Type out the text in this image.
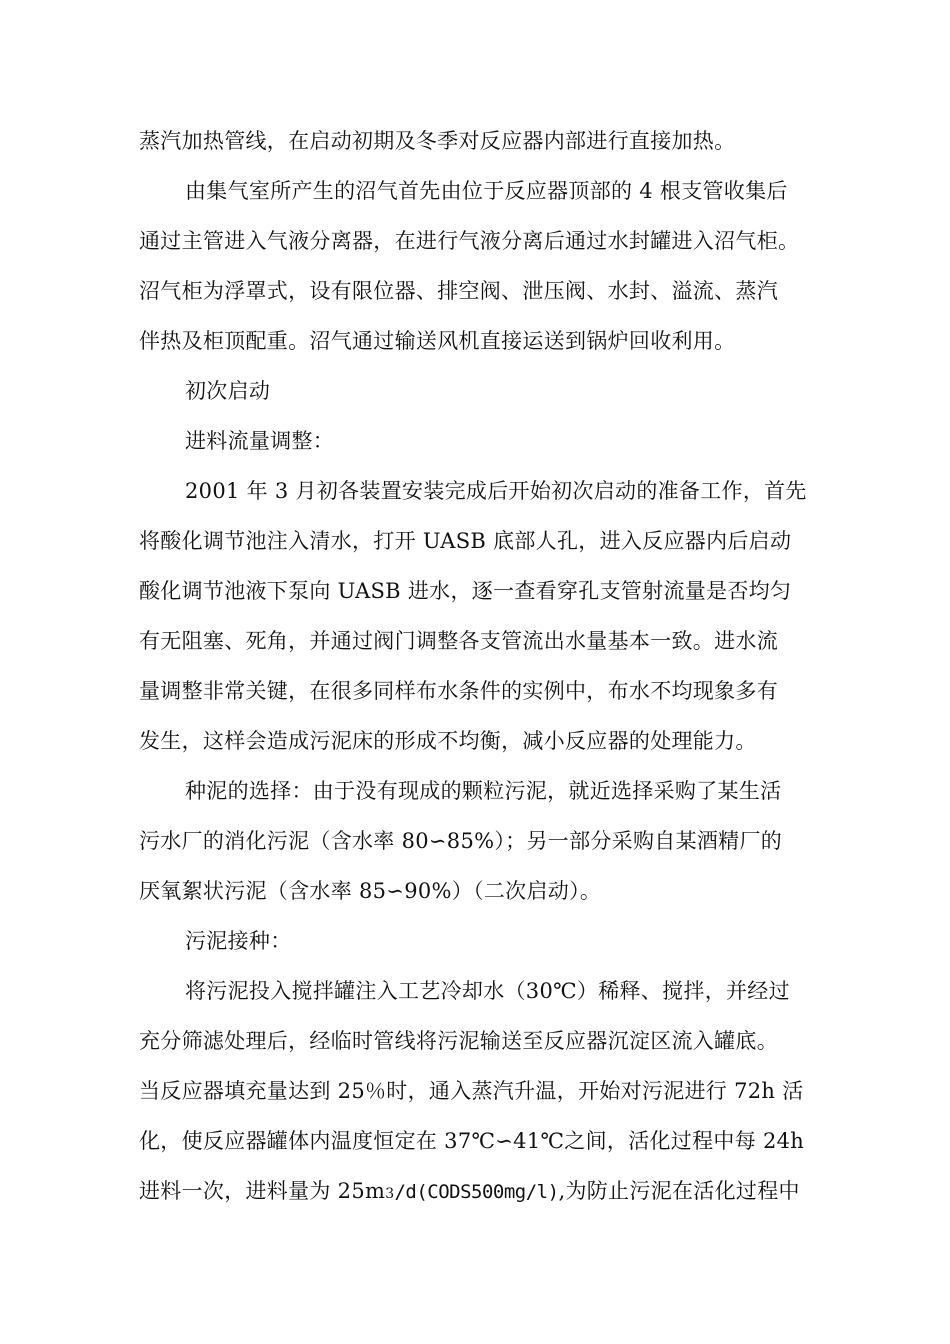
蒸汽加热管线，在启动初期及冬季对反应器内部进行直接加热。
由集气室所产生的沼气首先由位于反应器顶部的 4 根支管收集后
通过主管进入气液分离器，在进行气液分离后通过水封罐进入沼气柜。
沼气柜为浮罩式，设有限位器、排空阀、泄压阀、水封、溢流、蒸汽
伴热及柜顶配重。沼气通过输送风机直接运送到锅炉回收利用。
初次启动
进料流量调整：
2001 年 3 月初各装置安装完成后开始初次启动的准备工作，首先
将酸化调节池注入清水，打开 UASB 底部人孔，进入反应器内后启动
酸化调节池液下泵向 UASB 进水，逐一查看穿孔支管射流量是否均匀
有无阻塞、死角，并通过阀门调整各支管流出水量基本一致。进水流
量调整非常关键，在很多同样布水条件的实例中，布水不均现象多有
发生，这样会造成污泥床的形成不均衡，减小反应器的处理能力。
种泥的选择：由于没有现成的颗粒污泥，就近选择采购了某生活
污水厂的消化污泥（含水率 80∽85%）；另一部分采购自某酒精厂的
厌氧絮状污泥（含水率 85∽90%）（二次启动）。
污泥接种：
将污泥投入搅拌罐注入工艺冷却水（30℃）稀释、搅拌，并经过
充分筛滤处理后，经临时管线将污泥输送至反应器沉淀区流入罐底。
当反应器填充量达到 25％时，通入蒸汽升温，开始对污泥进行 72h 活
化，使反应器罐体内温度恒定在 37℃∽41℃之间，活化过程中每 24h
进料一次，进料量为 25m3/d(CODS500mg/l),为防止污泥在活化过程中
